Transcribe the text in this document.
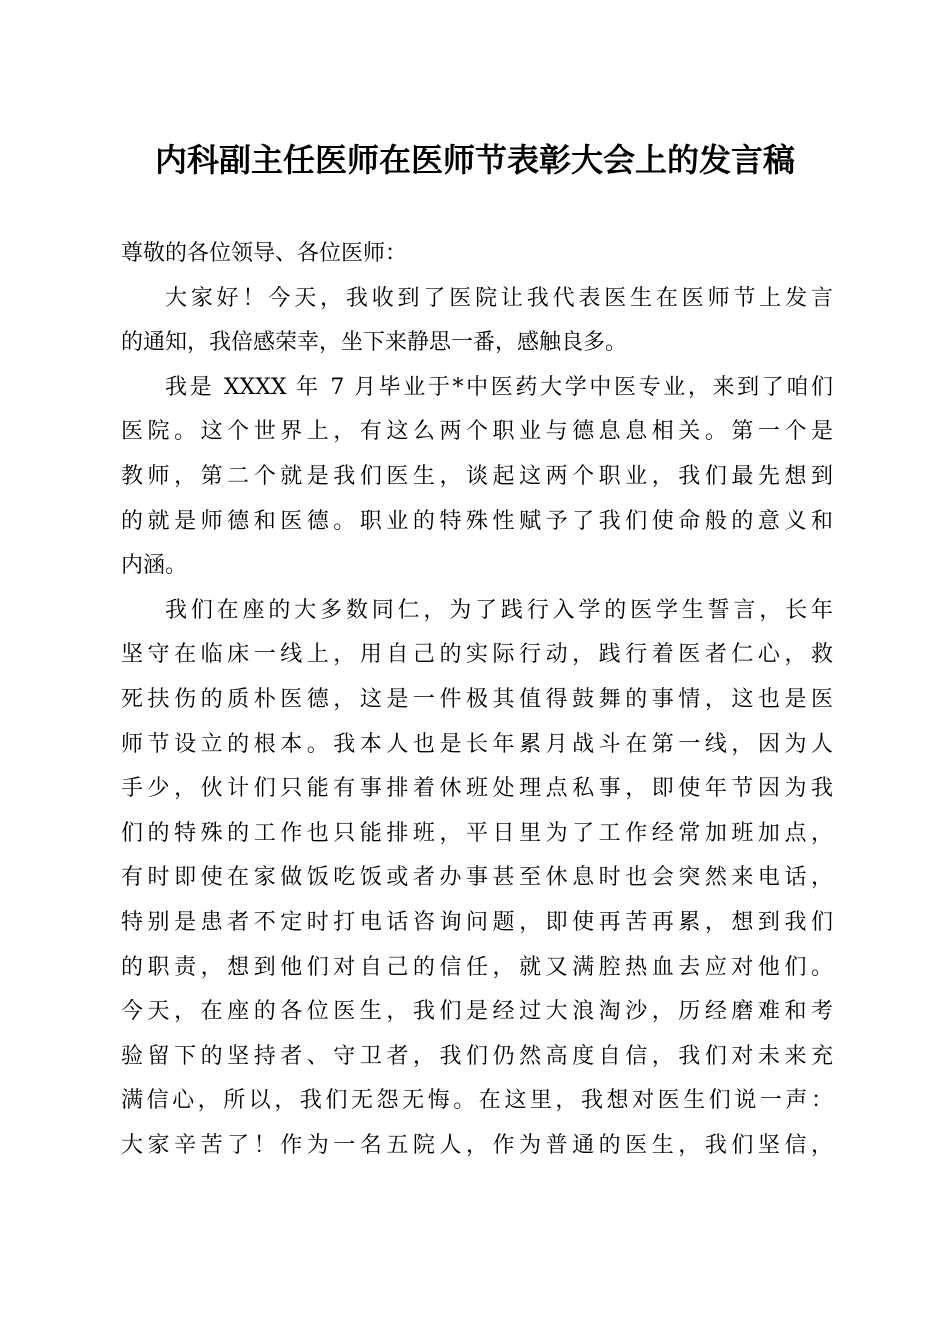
内科副主任医师在医师节表彰大会上的发言稿

尊敬的各位领导、各位医师：

大家好！今天，我收到了医院让我代表医生在医师节上发言
的通知，我倍感荣幸，坐下来静思一番，感触良多。
我是 XXXX 年 7 月毕业于*中医药大学中医专业，来到了咱们
医院。这个世界上，有这么两个职业与德息息相关。第一个是
教师，第二个就是我们医生，谈起这两个职业，我们最先想到
的就是师德和医德。职业的特殊性赋予了我们使命般的意义和
内涵。
我们在座的大多数同仁，为了践行入学的医学生誓言，长年
坚守在临床一线上，用自己的实际行动，践行着医者仁心，救
死扶伤的质朴医德，这是一件极其值得鼓舞的事情，这也是医
师节设立的根本。我本人也是长年累月战斗在第一线，因为人
手少，伙计们只能有事排着休班处理点私事，即使年节因为我
们的特殊的工作也只能排班，平日里为了工作经常加班加点，
有时即使在家做饭吃饭或者办事甚至休息时也会突然来电话，
特别是患者不定时打电话咨询问题，即使再苦再累，想到我们
的职责，想到他们对自己的信任，就又满腔热血去应对他们。
今天，在座的各位医生，我们是经过大浪淘沙，历经磨难和考
验留下的坚持者、守卫者，我们仍然高度自信，我们对未来充
满信心，所以，我们无怨无悔。在这里，我想对医生们说一声：
大家辛苦了！作为一名五院人，作为普通的医生，我们坚信，
